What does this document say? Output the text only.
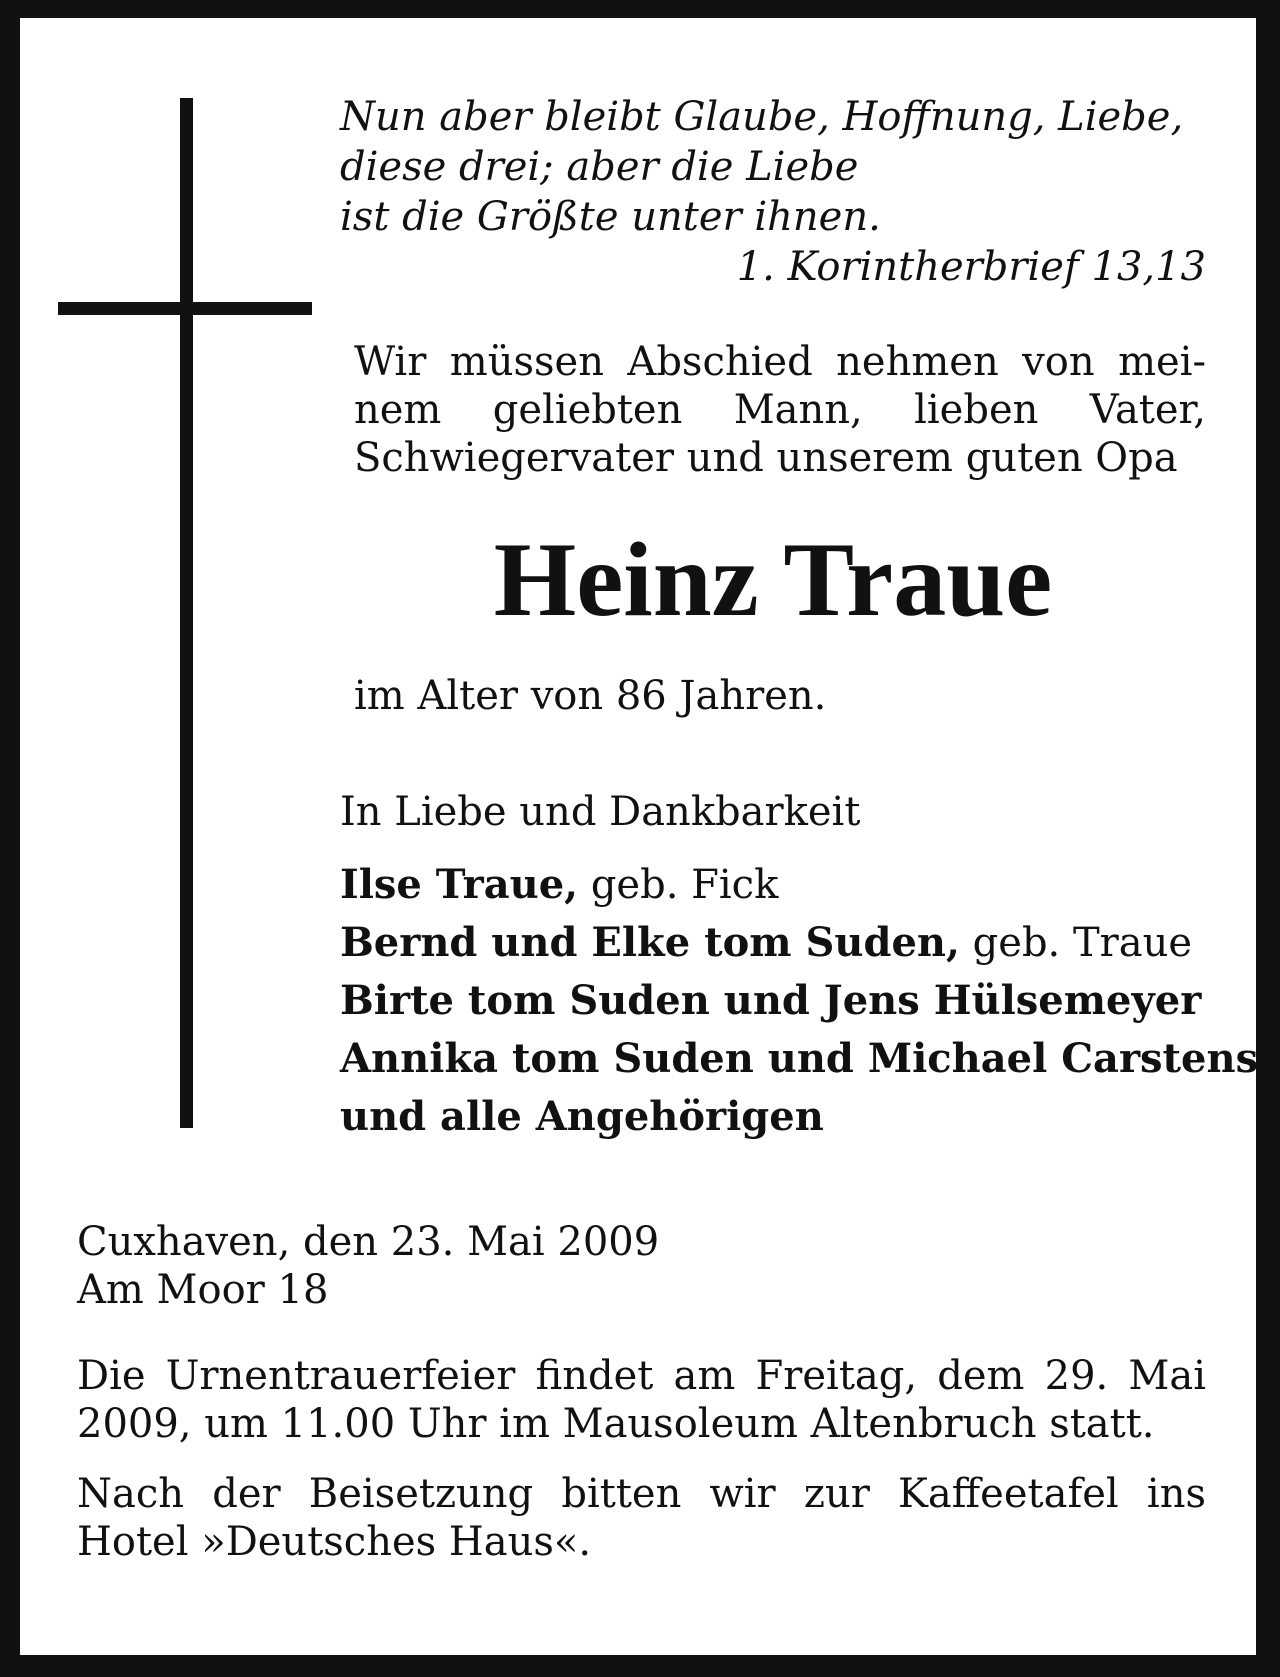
Nun aber bleibt Glaube, Hoffnung, Liebe,
diese drei; aber die Liebe
ist die Größte unter ihnen.
1. Korintherbrief 13,13
Wir müssen Abschied nehmen von mei-
nem geliebten Mann, lieben Vater,
Schwiegervater und unserem guten Opa
Heinz Traue
im Alter von 86 Jahren.
In Liebe und Dankbarkeit
Ilse Traue, geb. Fick
Bernd und Elke tom Suden, geb. Traue
Birte tom Suden und Jens Hülsemeyer
Annika tom Suden und Michael Carstens
und alle Angehörigen
Cuxhaven, den 23. Mai 2009
Am Moor 18
Die Urnentrauerfeier findet am Freitag, dem 29. Mai
2009, um 11.00 Uhr im Mausoleum Altenbruch statt.
Nach der Beisetzung bitten wir zur Kaffeetafel ins
Hotel »Deutsches Haus«.
